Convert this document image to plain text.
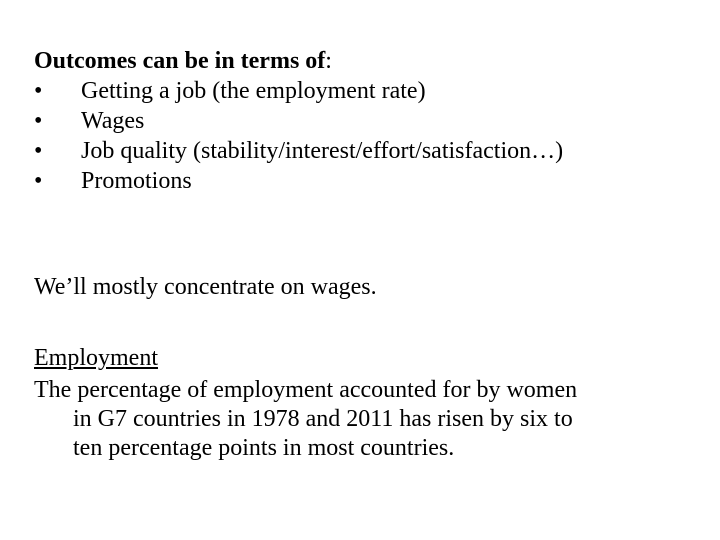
Outcomes can be in terms of:
•	Getting a job (the employment rate)
•	Wages
•	Job quality (stability/interest/effort/satisfaction…)
•	Promotions
We’ll mostly concentrate on wages.
Employment
The percentage of employment accounted for by women
in G7 countries in 1978 and 2011 has risen by six to
ten percentage points in most countries.
